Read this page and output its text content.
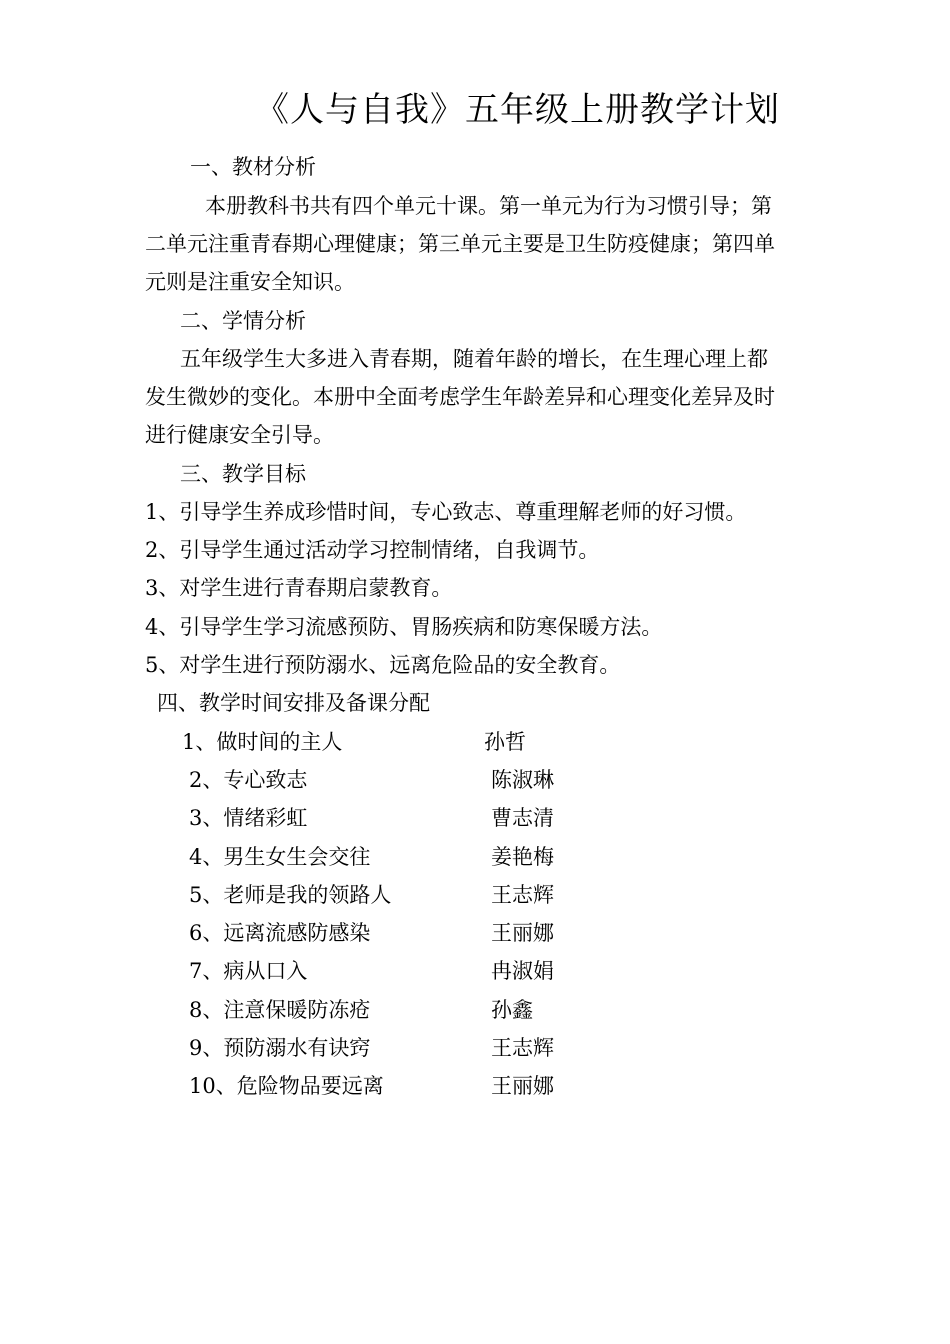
《人与自我》五年级上册教学计划
一、教材分析
本册教科书共有四个单元十课。第一单元为行为习惯引导；第
二单元注重青春期心理健康；第三单元主要是卫生防疫健康；第四单
元则是注重安全知识。
二、学情分析
五年级学生大多进入青春期，随着年龄的增长，在生理心理上都
发生微妙的变化。本册中全面考虑学生年龄差异和心理变化差异及时
进行健康安全引导。
三、教学目标
1、引导学生养成珍惜时间，专心致志、尊重理解老师的好习惯。
2、引导学生通过活动学习控制情绪，自我调节。
3、对学生进行青春期启蒙教育。
4、引导学生学习流感预防、胃肠疾病和防寒保暖方法。
5、对学生进行预防溺水、远离危险品的安全教育。
四、教学时间安排及备课分配
1、做时间的主人	孙哲
2、专心致志	陈淑琳
3、情绪彩虹	曹志清
4、男生女生会交往	姜艳梅
5、老师是我的领路人	王志辉
6、远离流感防感染	王丽娜
7、病从口入	冉淑娟
8、注意保暖防冻疮	孙鑫
9、预防溺水有诀窍	王志辉
10、危险物品要远离	王丽娜
